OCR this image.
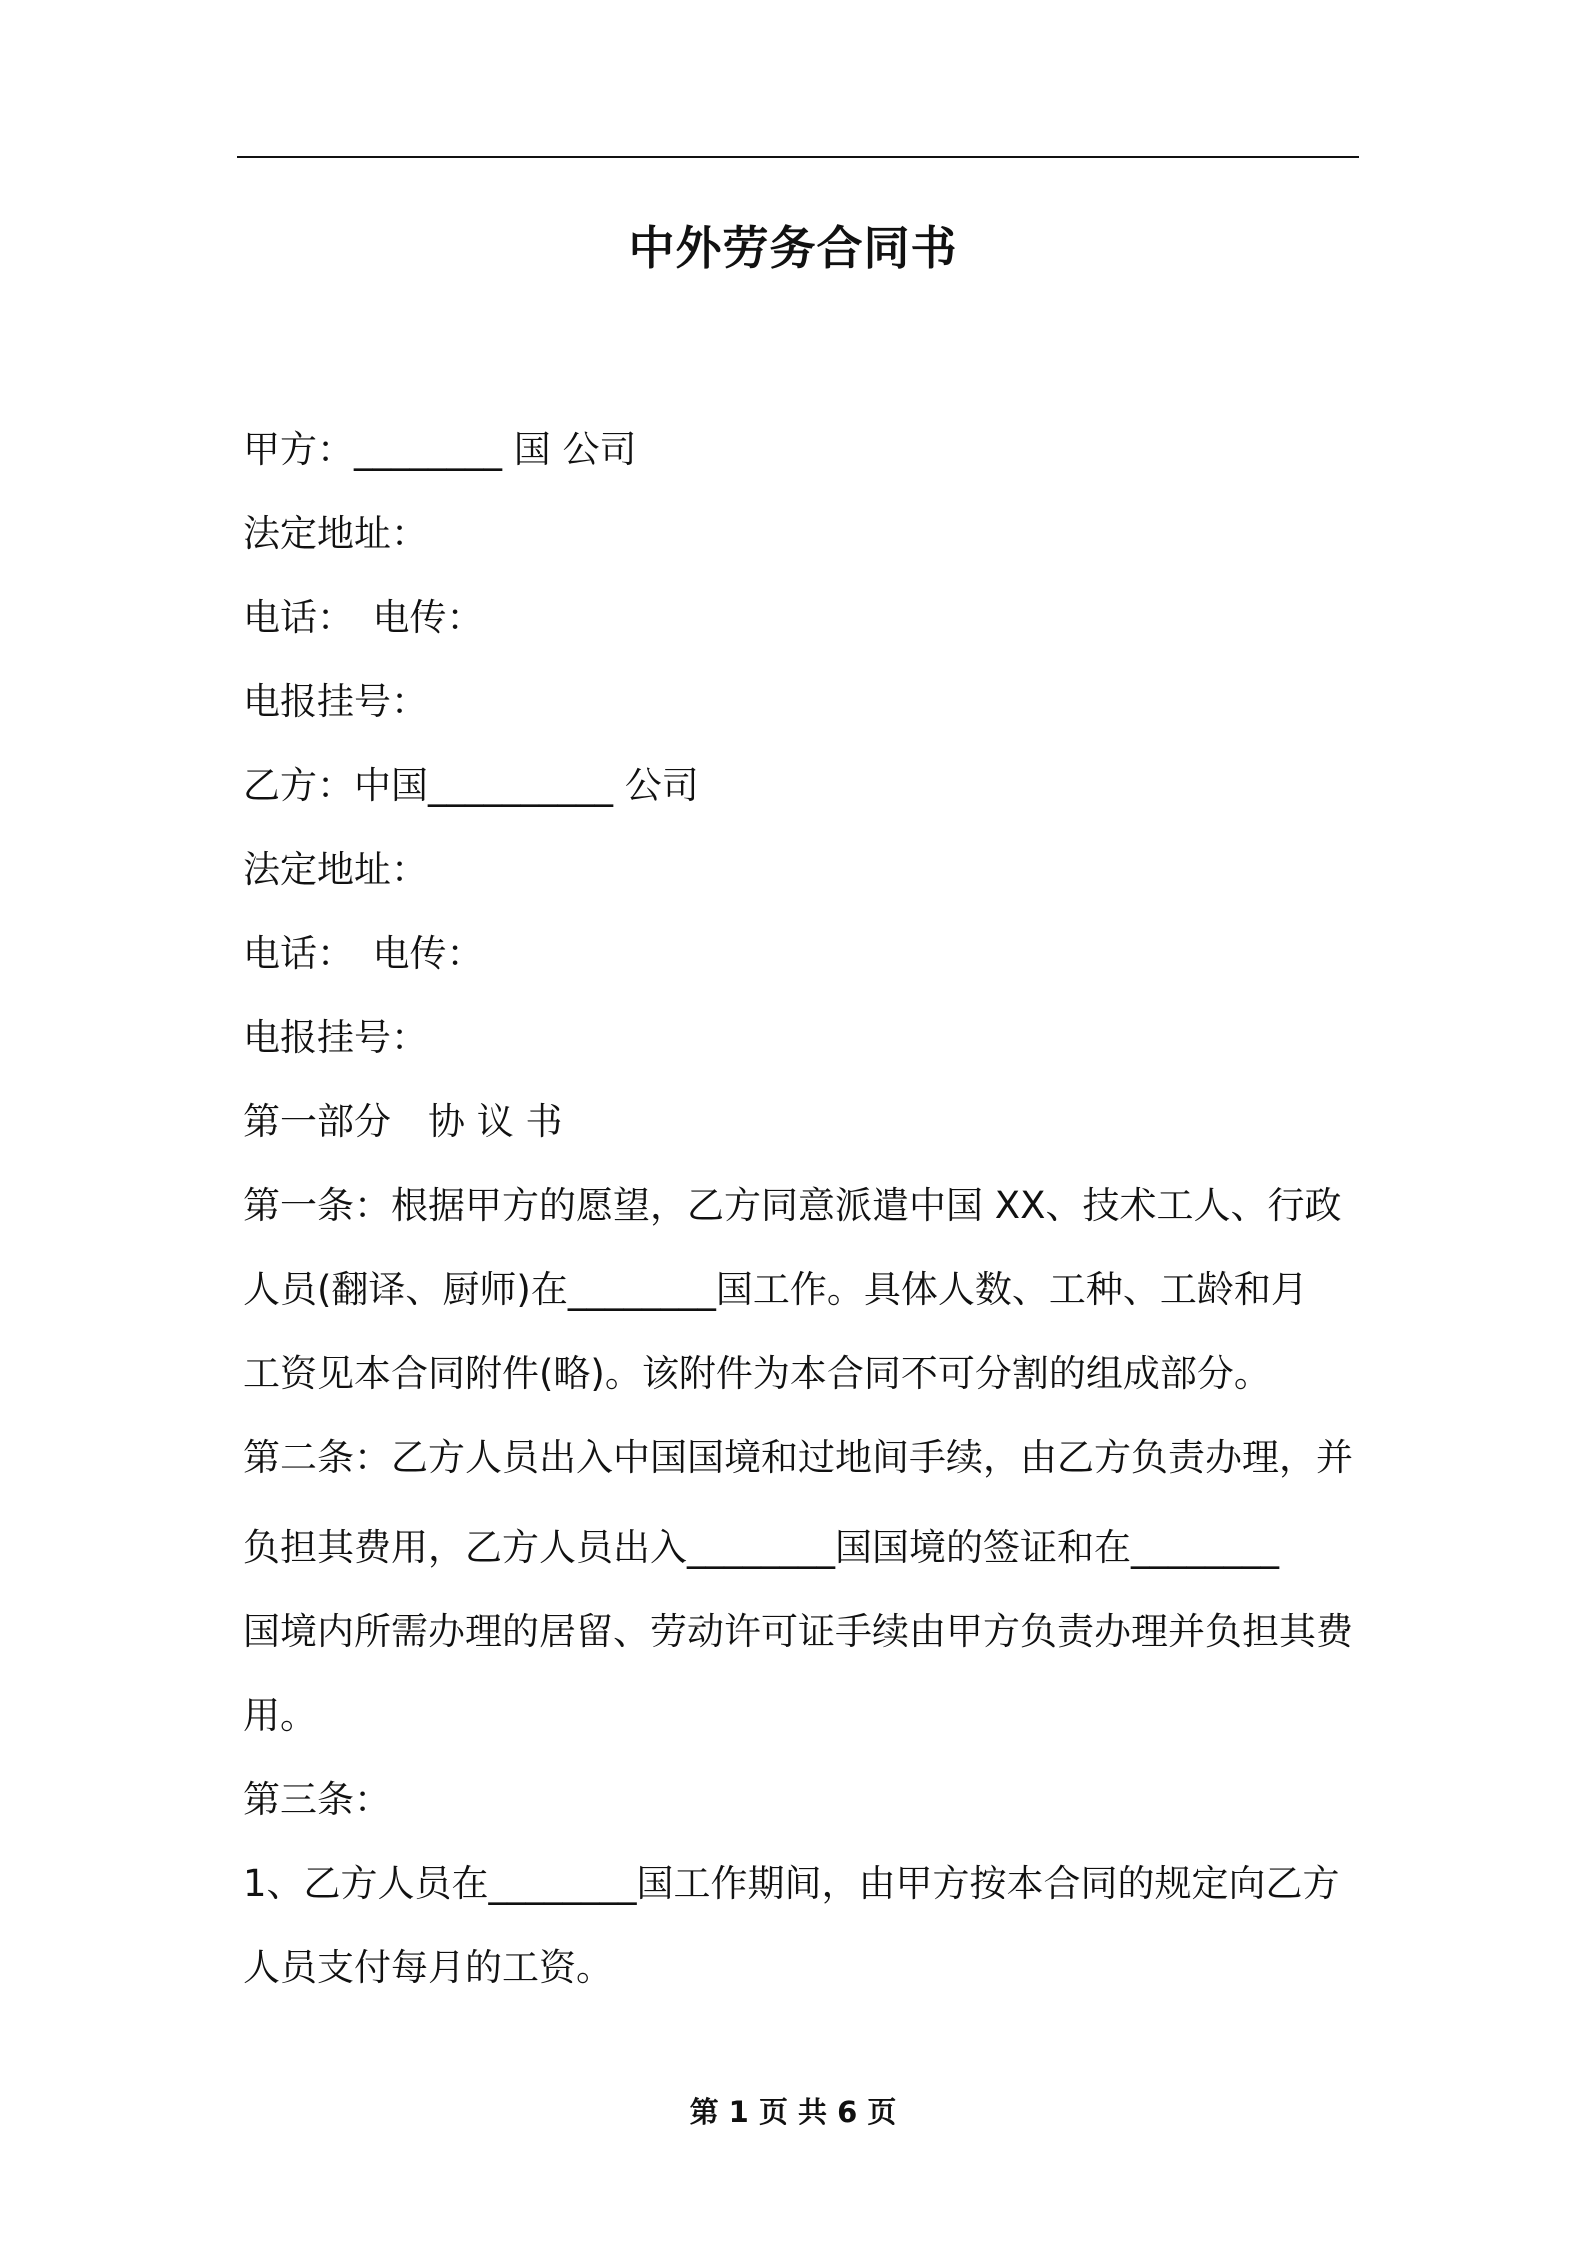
中外劳务合同书
甲方：________ 国 公司
法定地址：
电话：　电传：
电报挂号：
乙方：中国__________ 公司
法定地址：
电话：　电传：
电报挂号：
第一部分　协 议 书
第一条：根据甲方的愿望，乙方同意派遣中国 XX、技术工人、行政
人员(翻译、厨师)在________国工作。具体人数、工种、工龄和月
工资见本合同附件(略)。该附件为本合同不可分割的组成部分。
第二条：乙方人员出入中国国境和过地间手续，由乙方负责办理，并
负担其费用，乙方人员出入________国国境的签证和在________
国境内所需办理的居留、劳动许可证手续由甲方负责办理并负担其费
用。
第三条：
1、乙方人员在________国工作期间，由甲方按本合同的规定向乙方
人员支付每月的工资。
第 1 页 共 6 页
